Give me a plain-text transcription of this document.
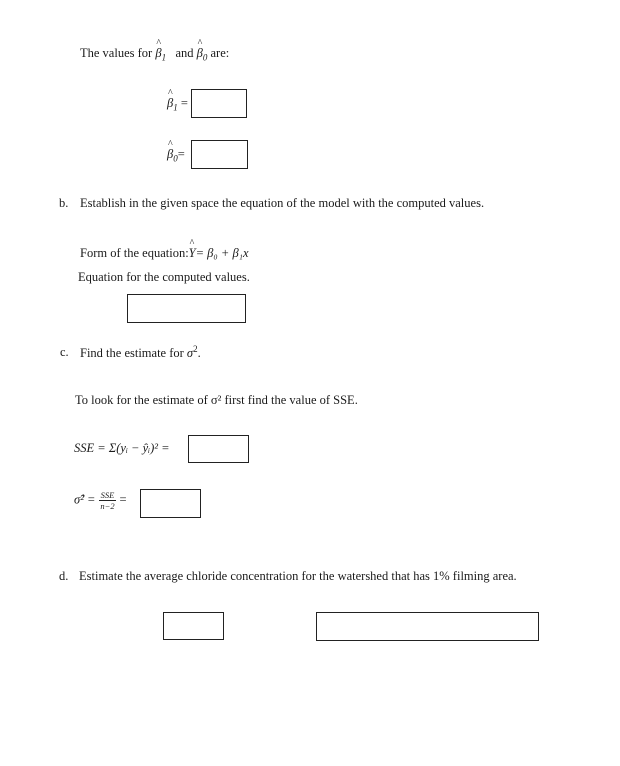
The values for ^ $\beta_1$ and ^ $\beta_0$ are:
^ $\beta_1$ =
^ $\beta_0=$
b. Establish in the given space the equation of the model with the computed values.
Form of the equation:^ Y= β₀ + β₁x
Equation for the computed values.
c. Find the estimate for $\sigma^2$.
To look for the estimate of σ² first find the value of SSE.
SSE = Σ(yᵢ − ŷᵢ)² =
σ̂² = $\frac{\text{SSE}}{n-2}$ =
d. Estimate the average chloride concentration for the watershed that has 1% filming area.
